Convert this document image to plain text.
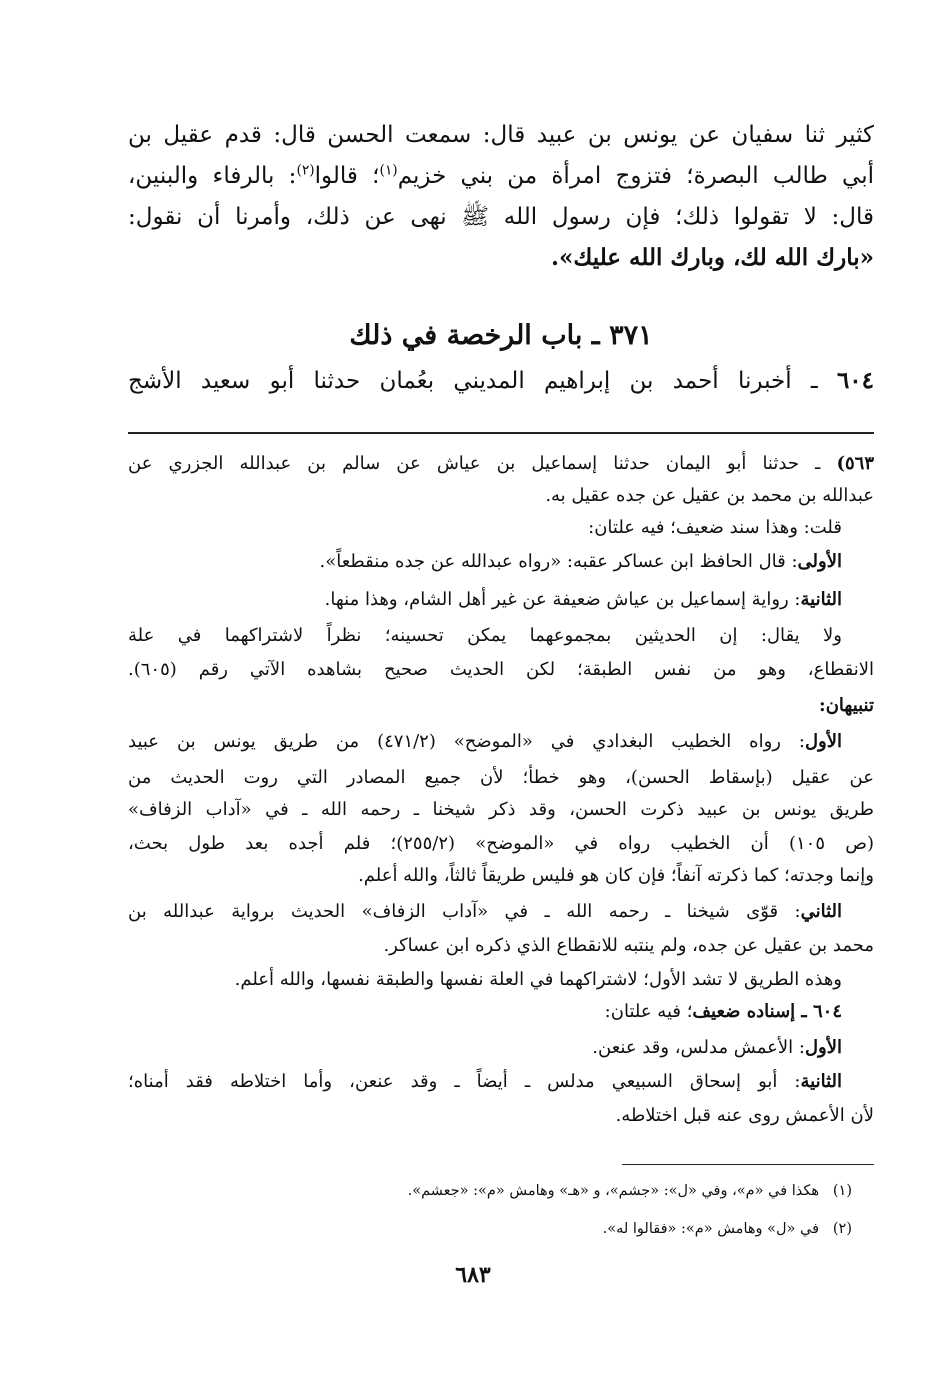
كثير ثنا سفيان عن يونس بن عبيد قال: سمعت الحسن قال: قدم عقيل بن
أبي طالب البصرة؛ فتزوج امرأة من بني خزيم$^{(١)}$؛ قالوا$^{(٢)}$: بالرفاء والبنين،
قال: لا تقولوا ذلك؛ فإن رسول الله ﷺ نهى عن ذلك، وأمرنا أن نقول:
«بارك الله لك، وبارك الله عليك».
٣٧١ ـ باب الرخصة في ذلك
٦٠٤ ـ أخبرنا أحمد بن إبراهيم المديني بعُمان حدثنا أبو سعيد الأشج
٥٦٣) ـ حدثنا أبو اليمان حدثنا إسماعيل بن عياش عن سالم بن عبدالله الجزري عن
عبدالله بن محمد بن عقيل عن جده عقيل به.
قلت: وهذا سند ضعيف؛ فيه علتان:
الأولى: قال الحافظ ابن عساكر عقبه: «رواه عبدالله عن جده منقطعاً».
الثانية: رواية إسماعيل بن عياش ضعيفة عن غير أهل الشام، وهذا منها.
ولا يقال: إن الحديثين بمجموعهما يمكن تحسينه؛ نظراً لاشتراكهما في علة
الانقطاع، وهو من نفس الطبقة؛ لكن الحديث صحيح بشاهده الآتي رقم (٦٠٥).
تنبيهان:
الأول: رواه الخطيب البغدادي في «الموضح» (٤٧١/٢) من طريق يونس بن عبيد
عن عقيل (بإسقاط الحسن)، وهو خطأ؛ لأن جميع المصادر التي روت الحديث من
طريق يونس بن عبيد ذكرت الحسن، وقد ذكر شيخنا ـ رحمه الله ـ في «آداب الزفاف»
(ص ١٠٥) أن الخطيب رواه في «الموضح» (٢٥٥/٢)؛ فلم أجده بعد طول بحث،
وإنما وجدته؛ كما ذكرته آنفاً؛ فإن كان هو فليس طريقاً ثالثاً، والله أعلم.
الثاني: قوّى شيخنا ـ رحمه الله ـ في «آداب الزفاف» الحديث برواية عبدالله بن
محمد بن عقيل عن جده، ولم ينتبه للانقطاع الذي ذكره ابن عساكر.
وهذه الطريق لا تشد الأول؛ لاشتراكهما في العلة نفسها والطبقة نفسها، والله أعلم.
٦٠٤ ـ إسناده ضعيف؛ فيه علتان:
الأول: الأعمش مدلس، وقد عنعن.
الثانية: أبو إسحاق السبيعي مدلس ـ أيضاً ـ وقد عنعن، وأما اختلاطه فقد أمناه؛
لأن الأعمش روى عنه قبل اختلاطه.
(١)   هكذا في «م»، وفي «ل»: «جشم»، و «هـ» وهامش «م»: «جعشم».
(٢)   في «ل» وهامش «م»: «فقالوا له».
٦٨٣
